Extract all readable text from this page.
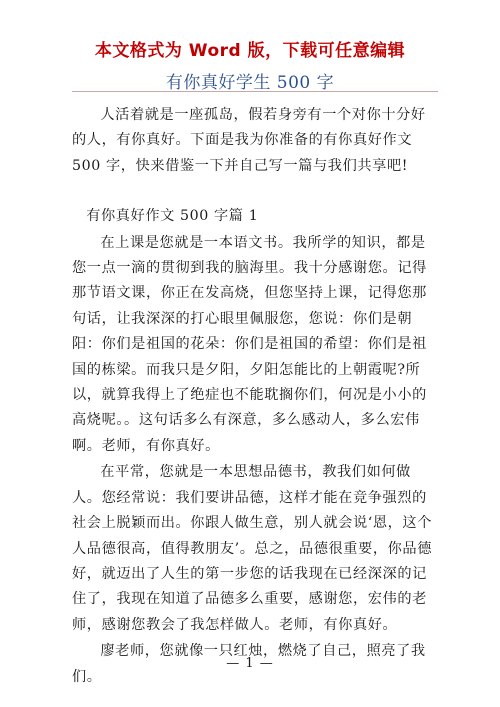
本文格式为 Word 版，下载可任意编辑
有你真好学生 500 字

人活着就是一座孤岛，假若身旁有一个对你十分好的人，有你真好。下面是我为你准备的有你真好作文 500 字，快来借鉴一下并自己写一篇与我们共享吧!

有你真好作文 500 字篇 1

在上课是您就是一本语文书。我所学的知识，都是您一点一滴的贯彻到我的脑海里。我十分感谢您。记得那节语文课，你正在发高烧，但您坚持上课，记得您那句话，让我深深的打心眼里佩服您，您说：你们是朝阳：你们是祖国的花朵：你们是祖国的希望：你们是祖国的栋梁。而我只是夕阳，夕阳怎能比的上朝霞呢?所以，就算我得上了绝症也不能耽搁你们，何况是小小的高烧呢。。这句话多么有深意，多么感动人，多么宏伟啊。老师，有你真好。

在平常，您就是一本思想品德书，教我们如何做人。您经常说：我们要讲品德，这样才能在竞争强烈的社会上脱颖而出。你跟人做生意，别人就会说‘恩，这个人品德很高，值得教朋友’。总之，品德很重要，你品德好，就迈出了人生的第一步您的话我现在已经深深的记住了，我现在知道了品德多么重要，感谢您，宏伟的老师，感谢您教会了我怎样做人。老师，有你真好。

廖老师，您就像一只红烛，燃烧了自己，照亮了我们。

— 1 —
